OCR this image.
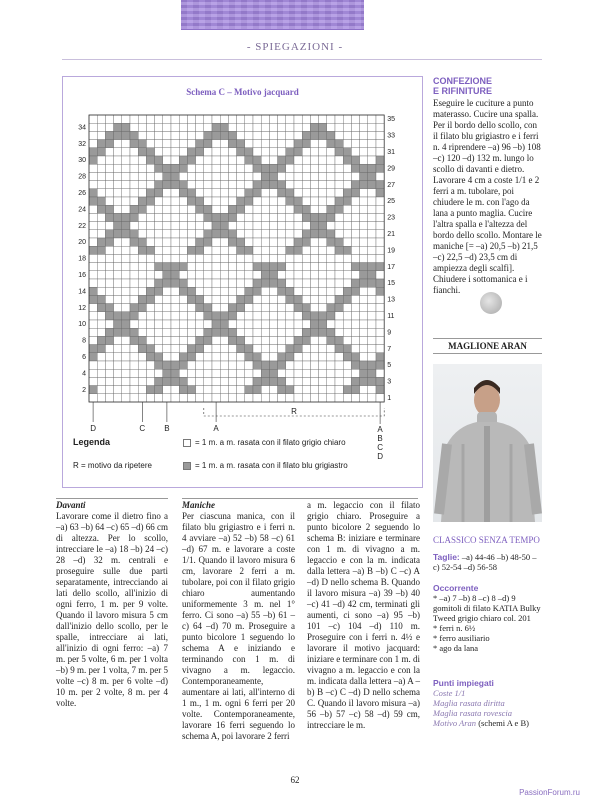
- SPIEGAZIONI -
Schema C – Motivo jacquard
34
32
30
28
26
24
22
20
18
16
14
12
10
8
6
4
2
35
33
31
29
27
25
23
21
19
17
15
13
11
9
7
5
3
1
D	C B	A
R
A
B
C
D
Legenda
R = motivo da ripetere
= 1 m. a m. rasata con il filato grigio chiaro
= 1 m. a m. rasata con il filato blu grigiastro
CONFEZIONE
E RIFINITURE
Eseguire le cuciture a punto materasso. Cucire una spalla. Per il bordo dello scollo, con il filato blu grigiastro e i ferri n. 4 riprendere –a) 96 –b) 108 –c) 120 –d) 132 m. lungo lo scollo di davanti e dietro. Lavorare 4 cm a coste 1/1 e 2 ferri a m. tubolare, poi chiudere le m. con l'ago da lana a punto maglia. Cucire l'altra spalla e l'altezza del bordo dello scollo. Montare le maniche [= –a) 20,5 –b) 21,5 –c) 22,5 –d) 23,5 cm di ampiezza degli scalfi]. Chiudere i sottomanica e i fianchi.
MAGLIONE ARAN
CLASSICO SENZA TEMPO
Taglie: –a) 44-46 –b) 48-50 –c) 52-54 –d) 56-58
Occorrente
* –a) 7 –b) 8 –c) 8 –d) 9 gomitoli di filato KATIA Bulky Tweed grigio chiaro col. 201
* ferri n. 6½
* ferro ausiliario
* ago da lana
Punti impiegati
Coste 1/1
Maglia rasata diritta
Maglia rasata rovescia
Motivo Aran (schemi A e B)
Davanti
Lavorare come il dietro fino a –a) 63 –b) 64 –c) 65 –d) 66 cm di altezza. Per lo scollo, intrecciare le –a) 18 –b) 24 –c) 28 –d) 32 m. centrali e proseguire sulle due parti separatamente, intrecciando ai lati dello scollo, all'inizio di ogni ferro, 1 m. per 9 volte. Quando il lavoro misura 5 cm dall'inizio dello scollo, per le spalle, intrecciare ai lati, all'inizio di ogni ferro: –a) 7 m. per 5 volte, 6 m. per 1 volta –b) 9 m. per 1 volta, 7 m. per 5 volte –c) 8 m. per 6 volte –d) 10 m. per 2 volte, 8 m. per 4 volte.
Maniche
Per ciascuna manica, con il filato blu grigiastro e i ferri n. 4 avviare –a) 52 –b) 58 –c) 61 –d) 67 m. e lavorare a coste 1/1. Quando il lavoro misura 6 cm, lavorare 2 ferri a m. tubolare, poi con il filato grigio chiaro aumentando uniformemente 3 m. nel 1° ferro. Ci sono –a) 55 –b) 61 –c) 64 –d) 70 m. Proseguire a punto bicolore 1 seguendo lo schema A e iniziando e terminando con 1 m. di vivagno a m. legaccio. Contemporaneamente, aumentare ai lati, all'interno di 1 m., 1 m. ogni 6 ferri per 20 volte. Contemporaneamente, lavorare 16 ferri seguendo lo schema A, poi lavorare 2 ferri
a m. legaccio con il filato grigio chiaro. Proseguire a punto bicolore 2 seguendo lo schema B: iniziare e terminare con 1 m. di vivagno a m. legaccio e con la m. indicata dalla lettera –a) B –b) C –c) A –d) D nello schema B. Quando il lavoro misura –a) 39 –b) 40 –c) 41 –d) 42 cm, terminati gli aumenti, ci sono –a) 95 –b) 101 –c) 104 –d) 110 m. Proseguire con i ferri n. 4½ e lavorare il motivo jacquard: iniziare e terminare con 1 m. di vivagno a m. legaccio e con la m. indicata dalla lettera –a) A –b) B –c) C –d) D nello schema C. Quando il lavoro misura –a) 56 –b) 57 –c) 58 –d) 59 cm, intrecciare le m.
62
PassionForum.ru
